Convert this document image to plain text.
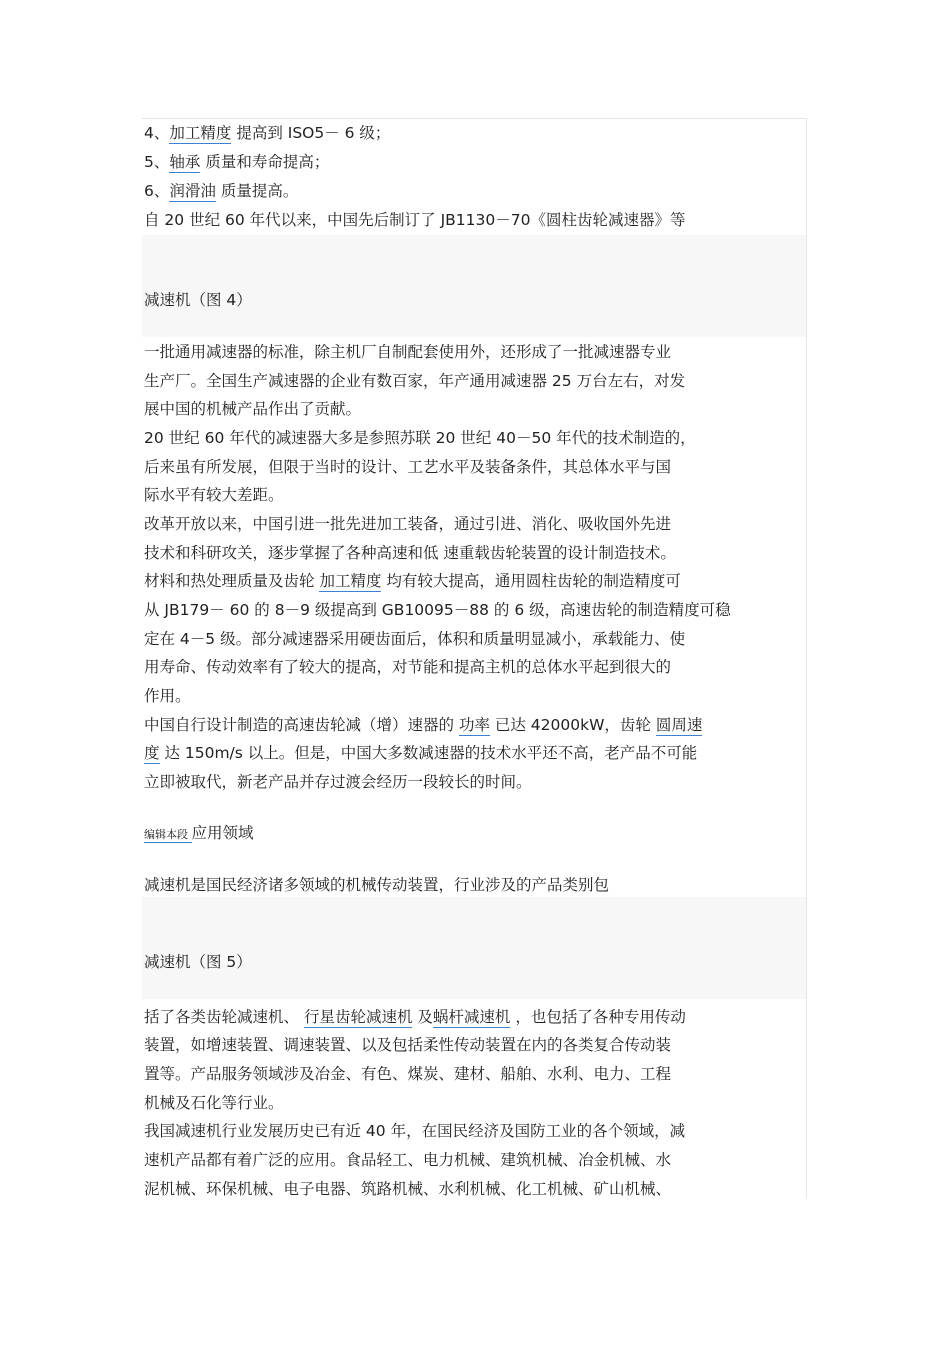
4、加工精度 提高到 ISO5－ 6 级；
5、轴承 质量和寿命提高；
6、润滑油 质量提高。
自 20 世纪 60 年代以来，中国先后制订了 JB1130－70《圆柱齿轮减速器》等
减速机（图 4）
一批通用减速器的标准，除主机厂自制配套使用外，还形成了一批减速器专业
生产厂。全国生产减速器的企业有数百家，年产通用减速器 25 万台左右，对发
展中国的机械产品作出了贡献。
20 世纪 60 年代的减速器大多是参照苏联 20 世纪 40－50 年代的技术制造的，
后来虽有所发展，但限于当时的设计、工艺水平及装备条件，其总体水平与国
际水平有较大差距。
改革开放以来，中国引进一批先进加工装备，通过引进、消化、吸收国外先进
技术和科研攻关，逐步掌握了各种高速和低 速重载齿轮装置的设计制造技术。
材料和热处理质量及齿轮 加工精度 均有较大提高，通用圆柱齿轮的制造精度可
从 JB179－ 60 的 8－9 级提高到 GB10095－88 的 6 级，高速齿轮的制造精度可稳
定在 4－5 级。部分减速器采用硬齿面后，体积和质量明显减小，承载能力、使
用寿命、传动效率有了较大的提高，对节能和提高主机的总体水平起到很大的
作用。
中国自行设计制造的高速齿轮减（增）速器的 功率 已达 42000kW，齿轮 圆周速
度 达 150m/s 以上。但是，中国大多数减速器的技术水平还不高，老产品不可能
立即被取代，新老产品并存过渡会经历一段较长的时间。
编辑本段 应用领域
减速机是国民经济诸多领域的机械传动装置，行业涉及的产品类别包
减速机（图 5）
括了各类齿轮减速机、 行星齿轮减速机 及蜗杆减速机 ，也包括了各种专用传动
装置，如增速装置、调速装置、以及包括柔性传动装置在内的各类复合传动装
置等。产品服务领域涉及冶金、有色、煤炭、建材、船舶、水利、电力、工程
机械及石化等行业。
我国减速机行业发展历史已有近 40 年，在国民经济及国防工业的各个领域，减
速机产品都有着广泛的应用。食品轻工、电力机械、建筑机械、冶金机械、水
泥机械、环保机械、电子电器、筑路机械、水利机械、化工机械、矿山机械、
